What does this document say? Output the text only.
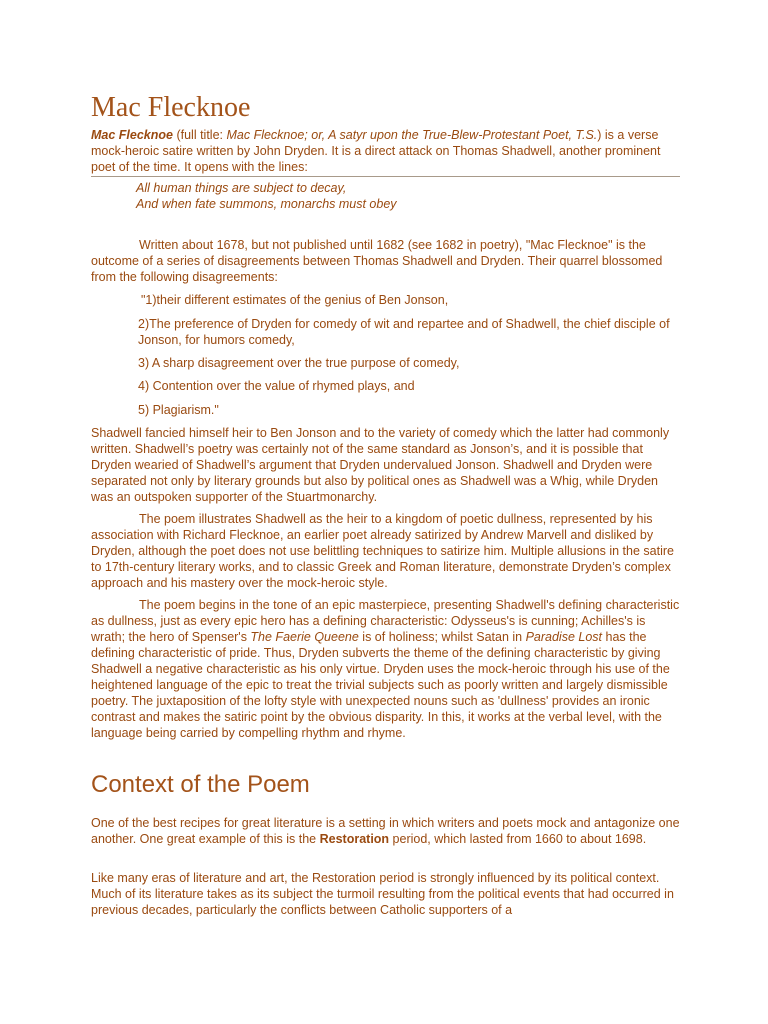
Mac Flecknoe

Mac Flecknoe (full title: Mac Flecknoe; or, A satyr upon the True-Blew-Protestant Poet, T.S.) is a verse mock-heroic satire written by John Dryden. It is a direct attack on Thomas Shadwell, another prominent poet of the time. It opens with the lines:

All human things are subject to decay,
And when fate summons, monarchs must obey

Written about 1678, but not published until 1682 (see 1682 in poetry), "Mac Flecknoe" is the outcome of a series of disagreements between Thomas Shadwell and Dryden. Their quarrel blossomed from the following disagreements:

"1)their different estimates of the genius of Ben Jonson,

2)The preference of Dryden for comedy of wit and repartee and of Shadwell, the chief disciple of Jonson, for humors comedy,

3) A sharp disagreement over the true purpose of comedy,

4) Contention over the value of rhymed plays, and

5) Plagiarism."

Shadwell fancied himself heir to Ben Jonson and to the variety of comedy which the latter had commonly written. Shadwell’s poetry was certainly not of the same standard as Jonson’s, and it is possible that Dryden wearied of Shadwell’s argument that Dryden undervalued Jonson. Shadwell and Dryden were separated not only by literary grounds but also by political ones as Shadwell was a Whig, while Dryden was an outspoken supporter of the Stuartmonarchy.

The poem illustrates Shadwell as the heir to a kingdom of poetic dullness, represented by his association with Richard Flecknoe, an earlier poet already satirized by Andrew Marvell and disliked by Dryden, although the poet does not use belittling techniques to satirize him. Multiple allusions in the satire to 17th-century literary works, and to classic Greek and Roman literature, demonstrate Dryden’s complex approach and his mastery over the mock-heroic style.

The poem begins in the tone of an epic masterpiece, presenting Shadwell's defining characteristic as dullness, just as every epic hero has a defining characteristic: Odysseus's is cunning; Achilles's is wrath; the hero of Spenser's The Faerie Queene is of holiness; whilst Satan in Paradise Lost has the defining characteristic of pride. Thus, Dryden subverts the theme of the defining characteristic by giving Shadwell a negative characteristic as his only virtue. Dryden uses the mock-heroic through his use of the heightened language of the epic to treat the trivial subjects such as poorly written and largely dismissible poetry. The juxtaposition of the lofty style with unexpected nouns such as 'dullness' provides an ironic contrast and makes the satiric point by the obvious disparity. In this, it works at the verbal level, with the language being carried by compelling rhythm and rhyme.

Context of the Poem

One of the best recipes for great literature is a setting in which writers and poets mock and antagonize one another. One great example of this is the Restoration period, which lasted from 1660 to about 1698.

Like many eras of literature and art, the Restoration period is strongly influenced by its political context. Much of its literature takes as its subject the turmoil resulting from the political events that had occurred in previous decades, particularly the conflicts between Catholic supporters of a
